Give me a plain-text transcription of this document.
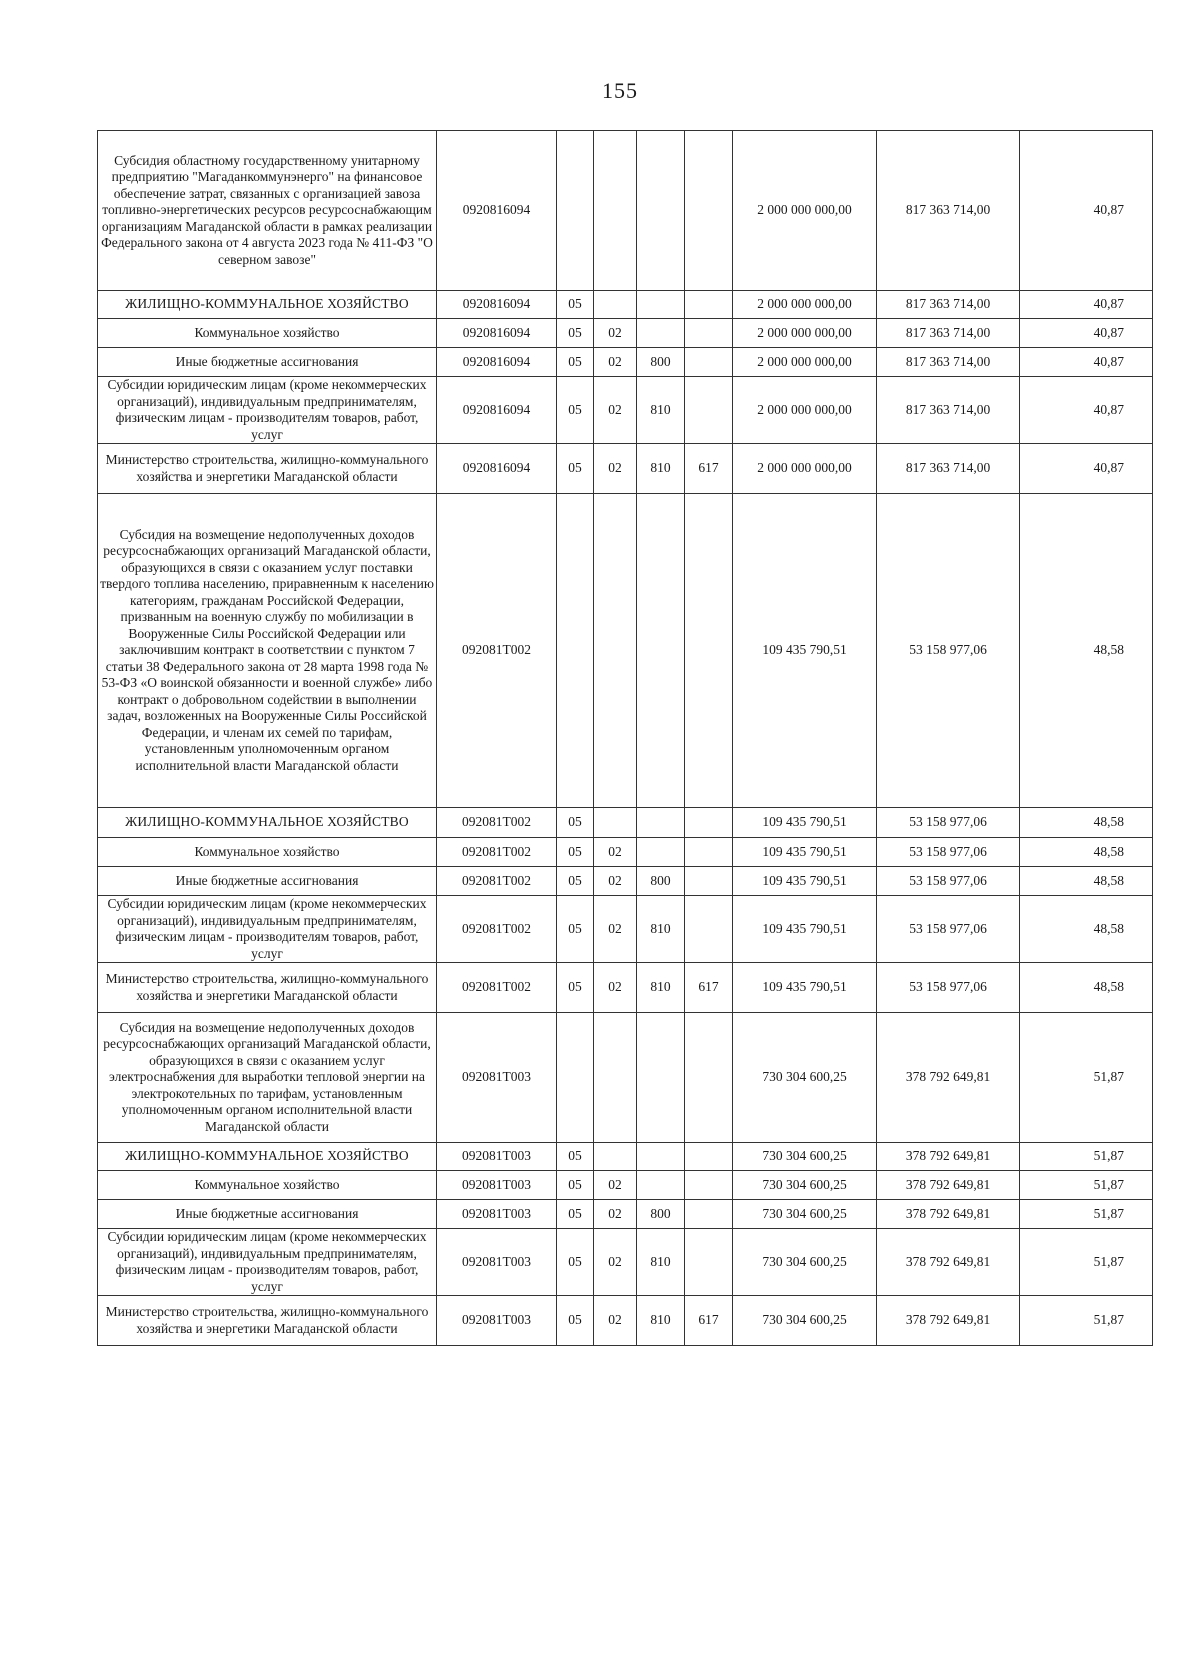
155
Субсидия областному государственному унитарному предприятию "Магаданкоммунэнерго" на финансовое обеспечение затрат, связанных с организацией завоза топливно-энергетических ресурсов ресурсоснабжающим организациям Магаданской области в рамках реализации Федерального закона от 4 августа 2023 года № 411-ФЗ "О северном завозе"	0920816094					2 000 000 000,00	817 363 714,00	40,87
ЖИЛИЩНО-КОММУНАЛЬНОЕ ХОЗЯЙСТВО	0920816094	05				2 000 000 000,00	817 363 714,00	40,87
Коммунальное хозяйство	0920816094	05	02			2 000 000 000,00	817 363 714,00	40,87
Иные бюджетные ассигнования	0920816094	05	02	800		2 000 000 000,00	817 363 714,00	40,87
Субсидии юридическим лицам (кроме некоммерческих организаций), индивидуальным предпринимателям, физическим лицам - производителям товаров, работ, услуг	0920816094	05	02	810		2 000 000 000,00	817 363 714,00	40,87
Министерство строительства, жилищно-коммунального хозяйства и энергетики Магаданской области	0920816094	05	02	810	617	2 000 000 000,00	817 363 714,00	40,87
Субсидия на возмещение недополученных доходов ресурсоснабжающих организаций Магаданской области, образующихся в связи с оказанием услуг поставки твердого топлива населению, приравненным к населению категориям, гражданам Российской Федерации, призванным на военную службу по мобилизации в Вооруженные Силы Российской Федерации или заключившим контракт в соответствии с пунктом 7 статьи 38 Федерального закона от 28 марта 1998 года № 53-ФЗ «О воинской обязанности и военной службе» либо контракт о добровольном содействии в выполнении задач, возложенных на Вооруженные Силы Российской Федерации, и членам их семей по тарифам, установленным уполномоченным органом исполнительной власти Магаданской области	092081Т002					109 435 790,51	53 158 977,06	48,58
ЖИЛИЩНО-КОММУНАЛЬНОЕ ХОЗЯЙСТВО	092081Т002	05				109 435 790,51	53 158 977,06	48,58
Коммунальное хозяйство	092081Т002	05	02			109 435 790,51	53 158 977,06	48,58
Иные бюджетные ассигнования	092081Т002	05	02	800		109 435 790,51	53 158 977,06	48,58
Субсидии юридическим лицам (кроме некоммерческих организаций), индивидуальным предпринимателям, физическим лицам - производителям товаров, работ, услуг	092081Т002	05	02	810		109 435 790,51	53 158 977,06	48,58
Министерство строительства, жилищно-коммунального хозяйства и энергетики Магаданской области	092081Т002	05	02	810	617	109 435 790,51	53 158 977,06	48,58
Субсидия на возмещение недополученных доходов ресурсоснабжающих организаций Магаданской области, образующихся в связи с оказанием услуг электроснабжения для выработки тепловой энергии на электрокотельных по тарифам, установленным уполномоченным органом исполнительной власти Магаданской области	092081Т003					730 304 600,25	378 792 649,81	51,87
ЖИЛИЩНО-КОММУНАЛЬНОЕ ХОЗЯЙСТВО	092081Т003	05				730 304 600,25	378 792 649,81	51,87
Коммунальное хозяйство	092081Т003	05	02			730 304 600,25	378 792 649,81	51,87
Иные бюджетные ассигнования	092081Т003	05	02	800		730 304 600,25	378 792 649,81	51,87
Субсидии юридическим лицам (кроме некоммерческих организаций), индивидуальным предпринимателям, физическим лицам - производителям товаров, работ, услуг	092081Т003	05	02	810		730 304 600,25	378 792 649,81	51,87
Министерство строительства, жилищно-коммунального хозяйства и энергетики Магаданской области	092081Т003	05	02	810	617	730 304 600,25	378 792 649,81	51,87
